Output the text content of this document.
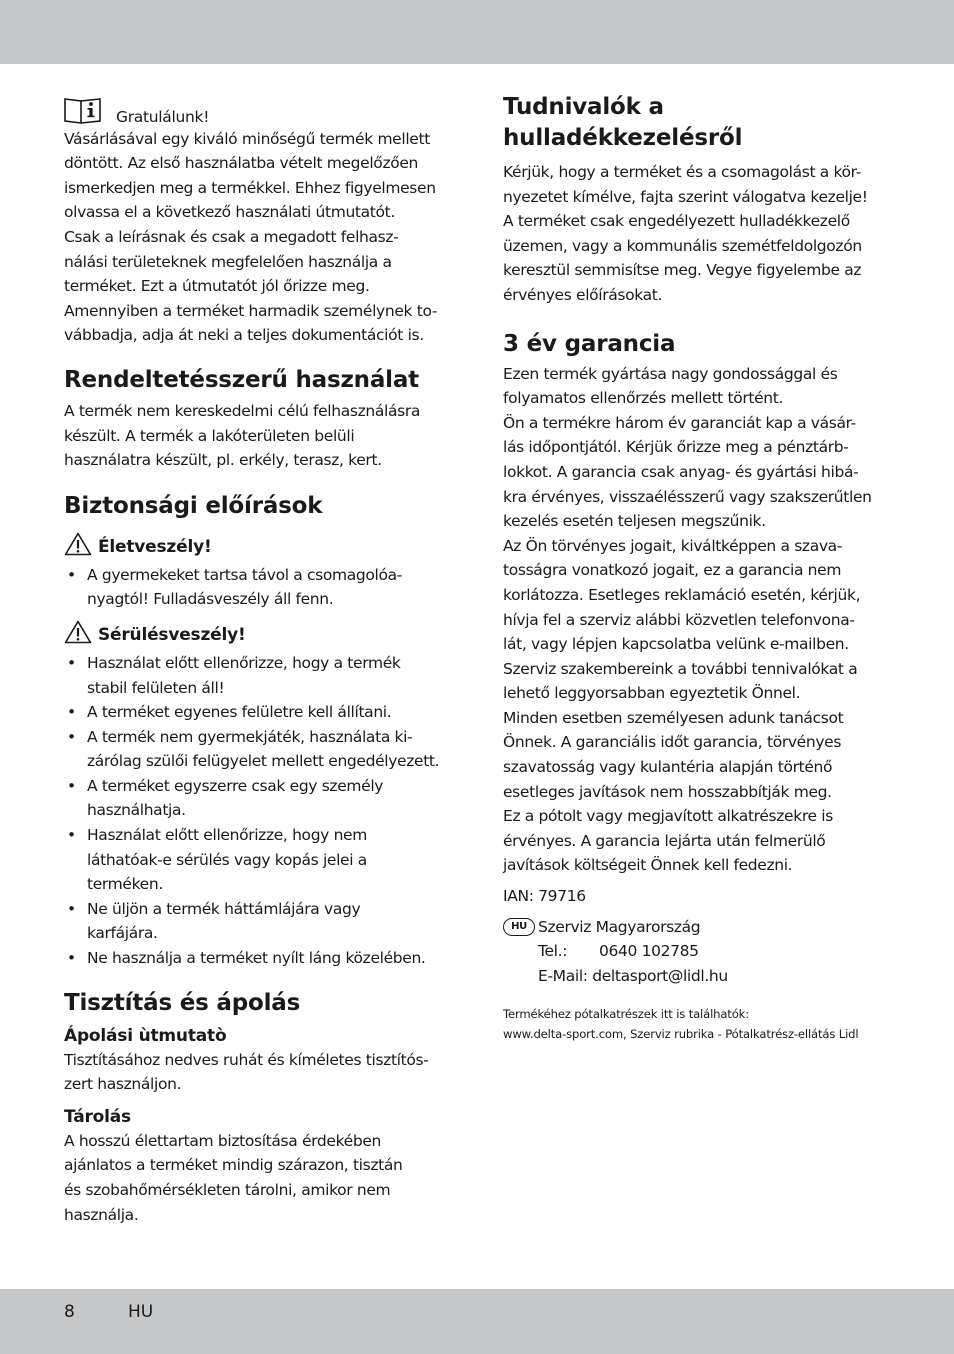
Gratulálunk!
Vásárlásával egy kiváló minőségű termék mellett
döntött. Az első használatba vételt megelőzően
ismerkedjen meg a termékkel. Ehhez figyelmesen
olvassa el a következő használati útmutatót.
Csak a leírásnak és csak a megadott felhasz-
nálási területeknek megfelelően használja a
terméket. Ezt a útmutatót jól őrizze meg.
Amennyiben a terméket harmadik személynek to-
vábbadja, adja át neki a teljes dokumentációt is.
Rendeltetésszerű használat
A termék nem kereskedelmi célú felhasználásra
készült. A termék a lakóterületen belüli
használatra készült, pl. erkély, terasz, kert.
Biztonsági előírások
Életveszély!
• A gyermekeket tartsa távol a csomagolóa-
nyagtól! Fulladásveszély áll fenn.
Sérülésveszély!
• Használat előtt ellenőrizze, hogy a termék
stabil felületen áll!
• A terméket egyenes felületre kell állítani.
• A termék nem gyermekjáték, használata ki-
zárólag szülői felügyelet mellett engedélyezett.
• A terméket egyszerre csak egy személy
használhatja.
• Használat előtt ellenőrizze, hogy nem
láthatóak-e sérülés vagy kopás jelei a
terméken.
• Ne üljön a termék háttámlájára vagy
karfájára.
• Ne használja a terméket nyílt láng közelében.
Tisztítás és ápolás
Ápolási ùtmutatò
Tisztításához nedves ruhát és kíméletes tisztítós-
zert használjon.
Tárolás
A hosszú élettartam biztosítása érdekében
ajánlatos a terméket mindig szárazon, tisztán
és szobahőmérsékleten tárolni, amikor nem
használja.
Tudnivalók a
hulladékkezelésről
Kérjük, hogy a terméket és a csomagolást a kör-
nyezetet kímélve, fajta szerint válogatva kezelje!
A terméket csak engedélyezett hulladékkezelő
üzemen, vagy a kommunális szemétfeldolgozón
keresztül semmisítse meg. Vegye figyelembe az
érvényes előírásokat.
3 év garancia
Ezen termék gyártása nagy gondossággal és
folyamatos ellenőrzés mellett történt.
Ön a termékre három év garanciát kap a vásár-
lás időpontjától. Kérjük őrizze meg a pénztárb-
lokkot. A garancia csak anyag- és gyártási hibá-
kra érvényes, visszaélésszerű vagy szakszerűtlen
kezelés esetén teljesen megszűnik.
Az Ön törvényes jogait, kiváltképpen a szava-
tosságra vonatkozó jogait, ez a garancia nem
korlátozza. Esetleges reklamáció esetén, kérjük,
hívja fel a szerviz alábbi közvetlen telefonvona-
lát, vagy lépjen kapcsolatba velünk e-mailben.
Szerviz szakembereink a további tennivalókat a
lehető leggyorsabban egyeztetik Önnel.
Minden esetben személyesen adunk tanácsot
Önnek. A garanciális időt garancia, törvényes
szavatosság vagy kulantéria alapján történő
esetleges javítások nem hosszabbítják meg.
Ez a pótolt vagy megjavított alkatrészekre is
érvényes. A garancia lejárta után felmerülő
javítások költségeit Önnek kell fedezni.
IAN: 79716
HU Szerviz Magyarország
Tel.: 0640 102785
E-Mail: deltasport@lidl.hu
Termékéhez pótalkatrészek itt is találhatók:
www.delta-sport.com, Szerviz rubrika - Pótalkatrész-ellátás Lidl
8	HU
